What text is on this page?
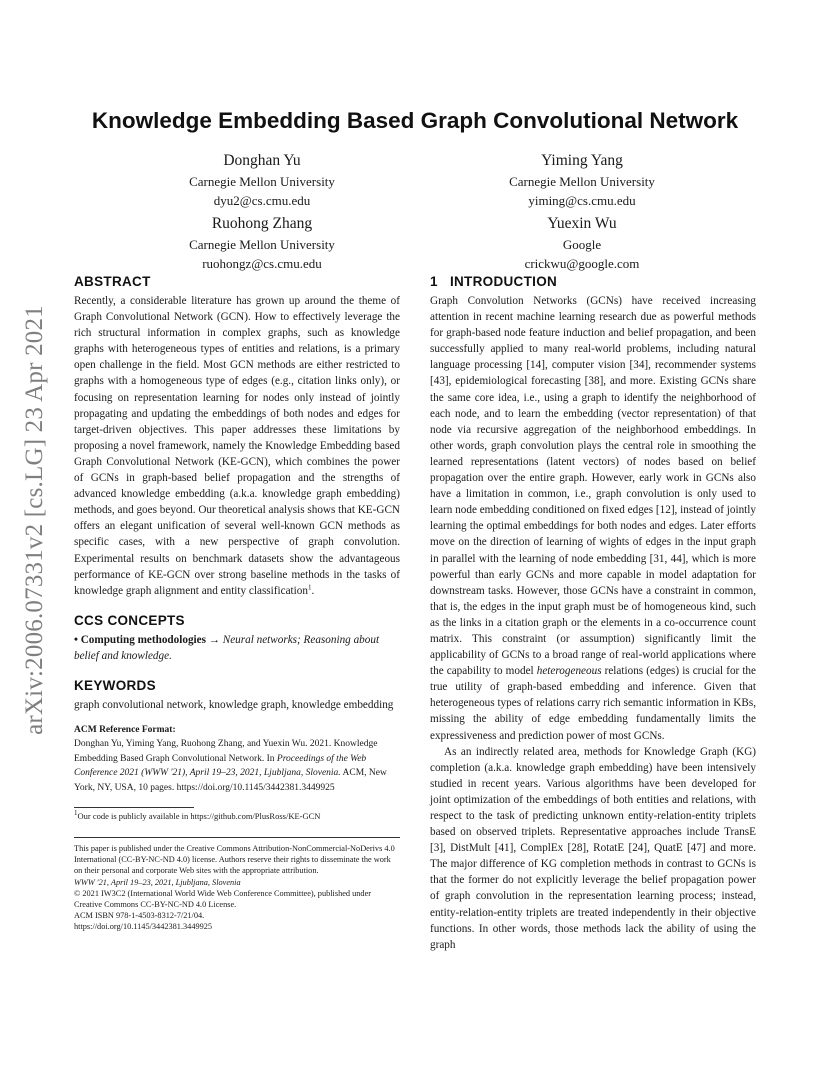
arXiv:2006.07331v2 [cs.LG] 23 Apr 2021
Knowledge Embedding Based Graph Convolutional Network
Donghan Yu
Carnegie Mellon University
dyu2@cs.cmu.edu
Yiming Yang
Carnegie Mellon University
yiming@cs.cmu.edu
Ruohong Zhang
Carnegie Mellon University
ruohongz@cs.cmu.edu
Yuexin Wu
Google
crickwu@google.com
ABSTRACT

Recently, a considerable literature has grown up around the theme of Graph Convolutional Network (GCN). How to effectively leverage the rich structural information in complex graphs, such as knowledge graphs with heterogeneous types of entities and relations, is a primary open challenge in the field. Most GCN methods are either restricted to graphs with a homogeneous type of edges (e.g., citation links only), or focusing on representation learning for nodes only instead of jointly propagating and updating the embeddings of both nodes and edges for target-driven objectives. This paper addresses these limitations by proposing a novel framework, namely the Knowledge Embedding based Graph Convolutional Network (KE-GCN), which combines the power of GCNs in graph-based belief propagation and the strengths of advanced knowledge embedding (a.k.a. knowledge graph embedding) methods, and goes beyond. Our theoretical analysis shows that KE-GCN offers an elegant unification of several well-known GCN methods as specific cases, with a new perspective of graph convolution. Experimental results on benchmark datasets show the advantageous performance of KE-GCN over strong baseline methods in the tasks of knowledge graph alignment and entity classification$^1$.

CCS CONCEPTS

• Computing methodologies → Neural networks; Reasoning about belief and knowledge.

KEYWORDS

graph convolutional network, knowledge graph, knowledge embedding

ACM Reference Format:

Donghan Yu, Yiming Yang, Ruohong Zhang, and Yuexin Wu. 2021. Knowledge Embedding Based Graph Convolutional Network. In Proceedings of the Web Conference 2021 (WWW '21), April 19–23, 2021, Ljubljana, Slovenia. ACM, New York, NY, USA, 10 pages. https://doi.org/10.1145/3442381.3449925

$^1$Our code is publicly available in https://github.com/PlusRoss/KE-GCN

This paper is published under the Creative Commons Attribution-NonCommercial-NoDerivs 4.0 International (CC-BY-NC-ND 4.0) license. Authors reserve their rights to disseminate the work on their personal and corporate Web sites with the appropriate attribution.

WWW '21, April 19–23, 2021, Ljubljana, Slovenia

© 2021 IW3C2 (International World Wide Web Conference Committee), published under Creative Commons CC-BY-NC-ND 4.0 License.

ACM ISBN 978-1-4503-8312-7/21/04.

https://doi.org/10.1145/3442381.3449925

1   INTRODUCTION

Graph Convolution Networks (GCNs) have received increasing attention in recent machine learning research due as powerful methods for graph-based node feature induction and belief propagation, and been successfully applied to many real-world problems, including natural language processing [14], computer vision [34], recommender systems [43], epidemiological forecasting [38], and more. Existing GCNs share the same core idea, i.e., using a graph to identify the neighborhood of each node, and to learn the embedding (vector representation) of that node via recursive aggregation of the neighborhood embeddings. In other words, graph convolution plays the central role in smoothing the learned representations (latent vectors) of nodes based on belief propagation over the entire graph. However, early work in GCNs also have a limitation in common, i.e., graph convolution is only used to learn node embedding conditioned on fixed edges [12], instead of jointly learning the optimal embeddings for both nodes and edges. Later efforts move on the direction of learning of wights of edges in the input graph in parallel with the learning of node embedding [31, 44], which is more powerful than early GCNs and more capable in model adaptation for downstream tasks. However, those GCNs have a constraint in common, that is, the edges in the input graph must be of homogeneous kind, such as the links in a citation graph or the elements in a co-occurrence count matrix. This constraint (or assumption) significantly limit the applicability of GCNs to a broad range of real-world applications where the capability to model heterogeneous relations (edges) is crucial for the true utility of graph-based embedding and inference. Given that heterogeneous types of relations carry rich semantic information in KBs, missing the ability of edge embedding fundamentally limits the expressiveness and prediction power of most GCNs.

As an indirectly related area, methods for Knowledge Graph (KG) completion (a.k.a. knowledge graph embedding) have been intensively studied in recent years. Various algorithms have been developed for joint optimization of the embeddings of both entities and relations, with respect to the task of predicting unknown entity-relation-entity triplets based on observed triplets. Representative approaches include TransE [3], DistMult [41], ComplEx [28], RotatE [24], QuatE [47] and more. The major difference of KG completion methods in contrast to GCNs is that the former do not explicitly leverage the belief propagation power of graph convolution in the representation learning process; instead, entity-relation-entity triplets are treated independently in their objective functions. In other words, those methods lack the ability of using the graph
